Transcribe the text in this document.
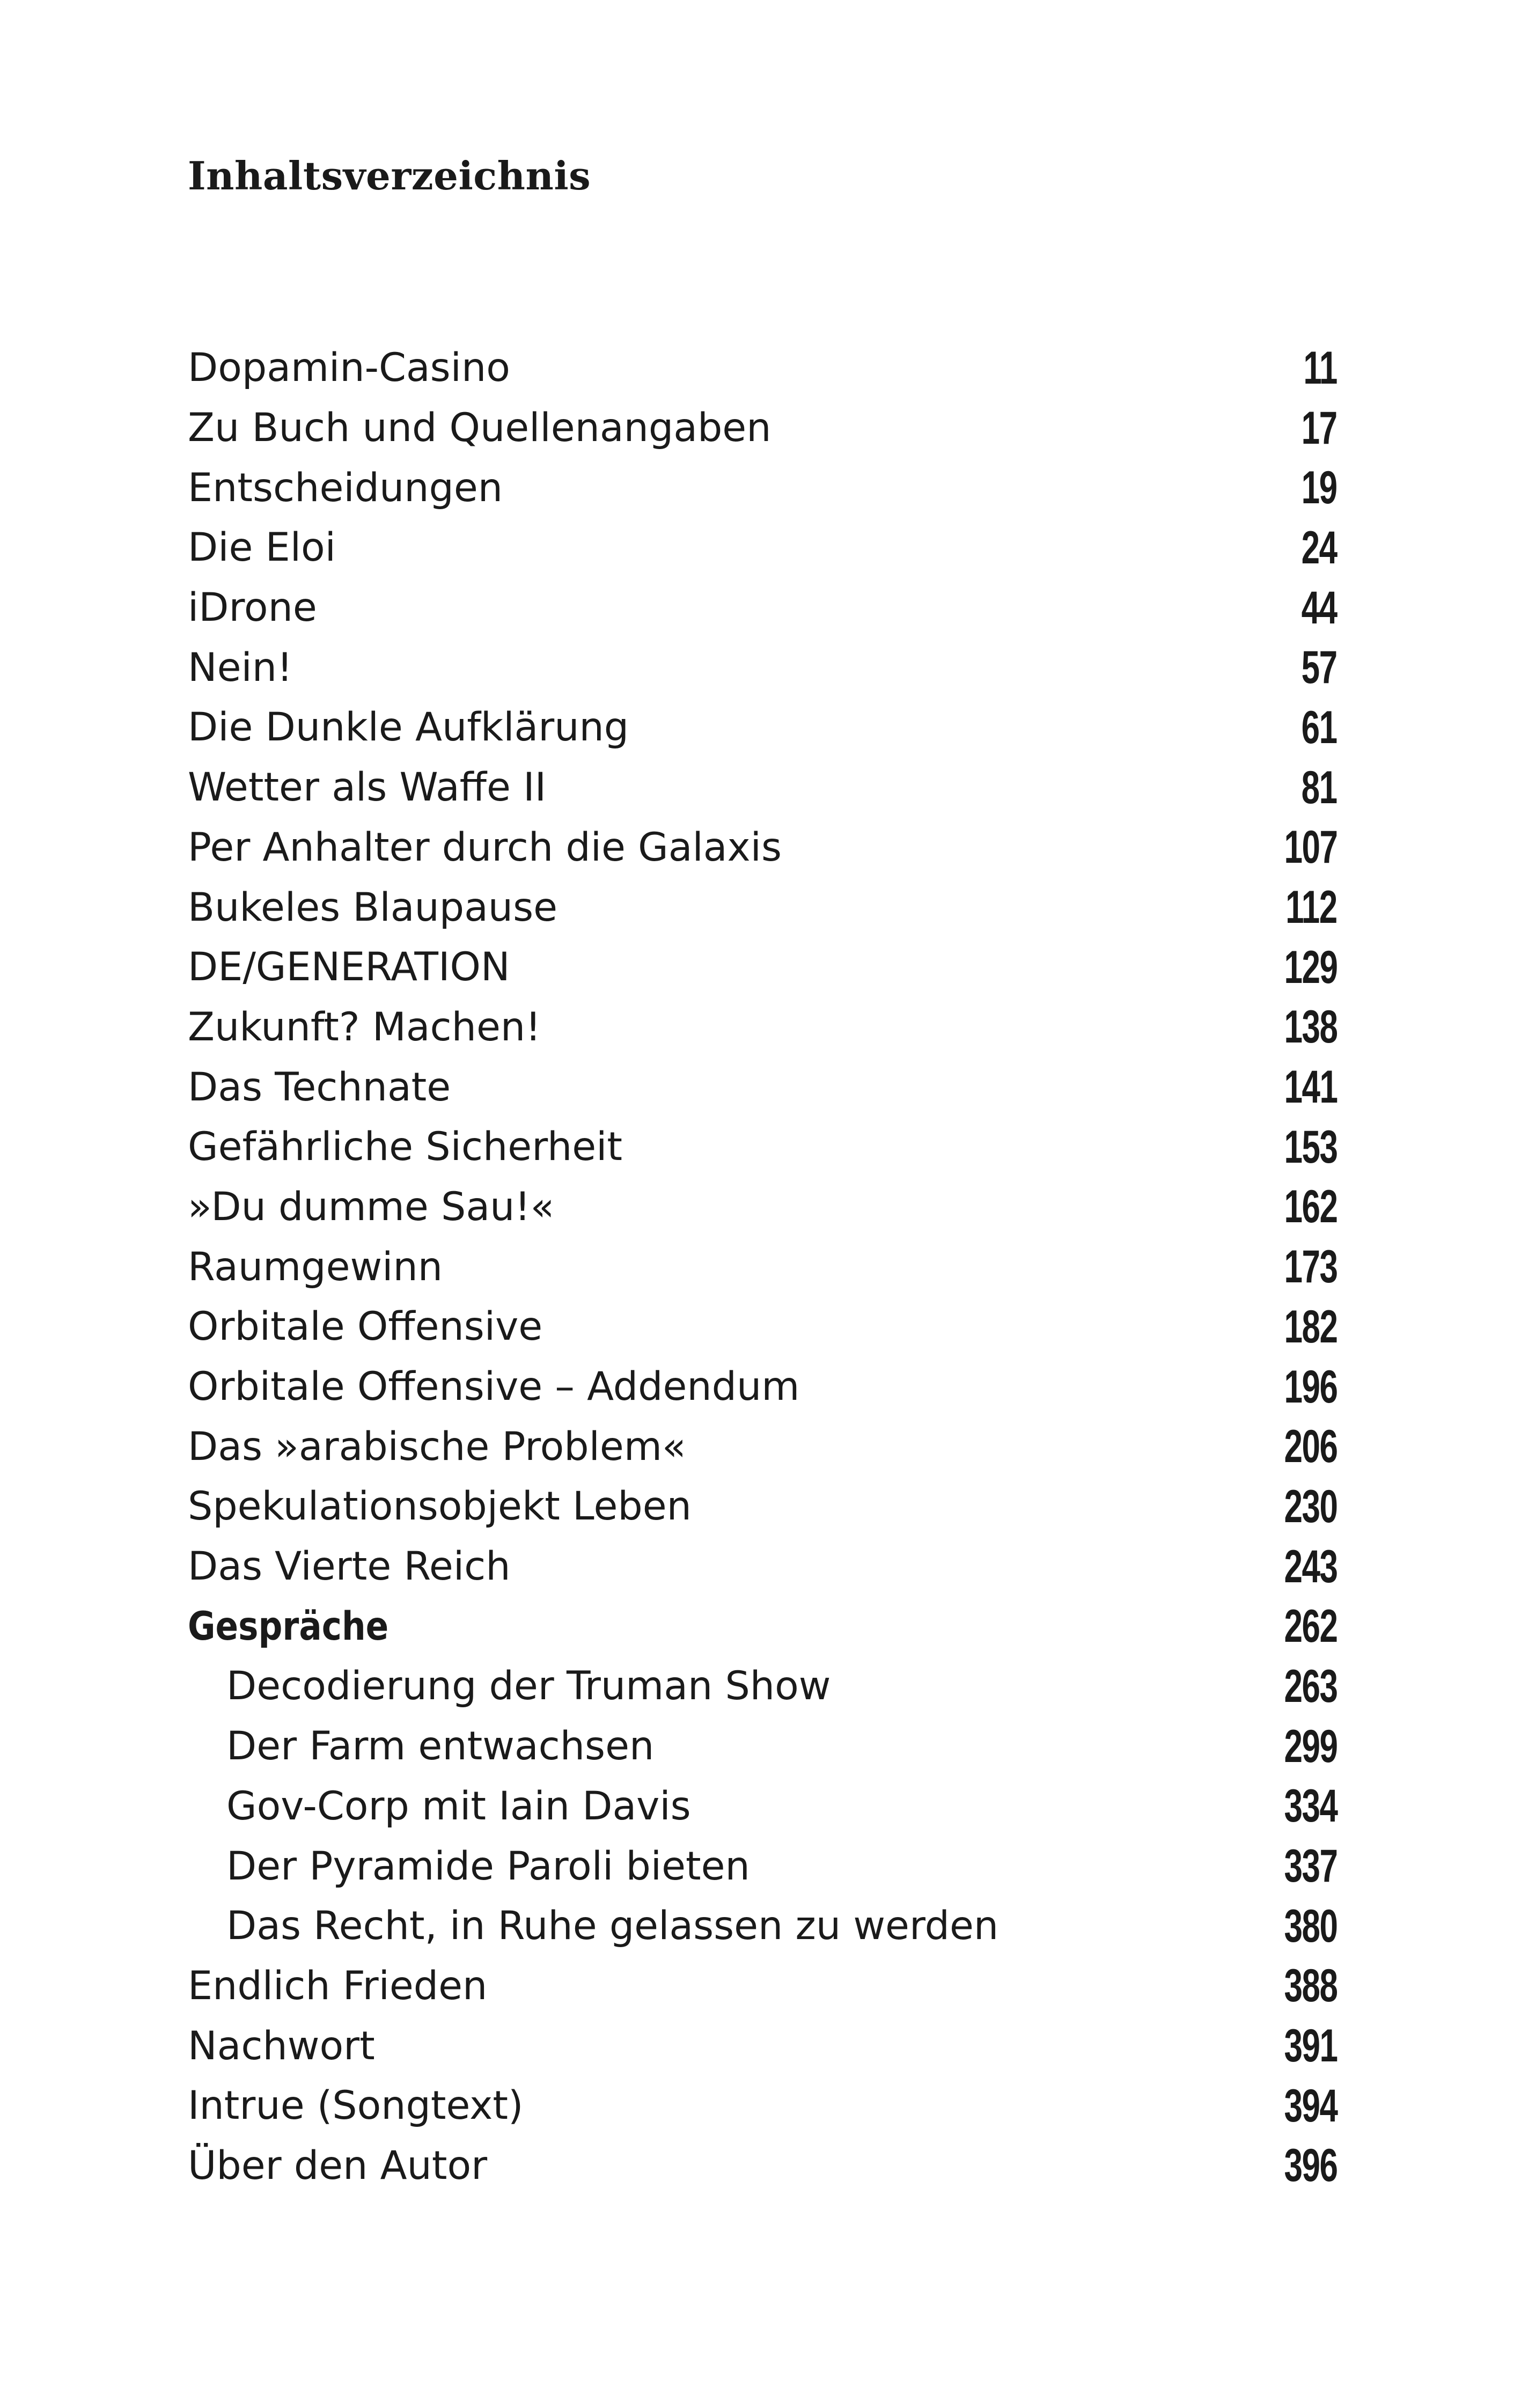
Inhaltsverzeichnis
Dopamin-Casino	11
Zu Buch und Quellenangaben	17
Entscheidungen	19
Die Eloi	24
iDrone	44
Nein!	57
Die Dunkle Aufklärung	61
Wetter als Waffe II	81
Per Anhalter durch die Galaxis	107
Bukeles Blaupause	112
DE/GENERATION	129
Zukunft? Machen!	138
Das Technate	141
Gefährliche Sicherheit	153
»Du dumme Sau!«	162
Raumgewinn	173
Orbitale Offensive	182
Orbitale Offensive – Addendum	196
Das »arabische Problem«	206
Spekulationsobjekt Leben	230
Das Vierte Reich	243
Gespräche	262
Decodierung der Truman Show	263
Der Farm entwachsen	299
Gov-Corp mit Iain Davis	334
Der Pyramide Paroli bieten	337
Das Recht, in Ruhe gelassen zu werden	380
Endlich Frieden	388
Nachwort	391
Intrue (Songtext)	394
Über den Autor	396
